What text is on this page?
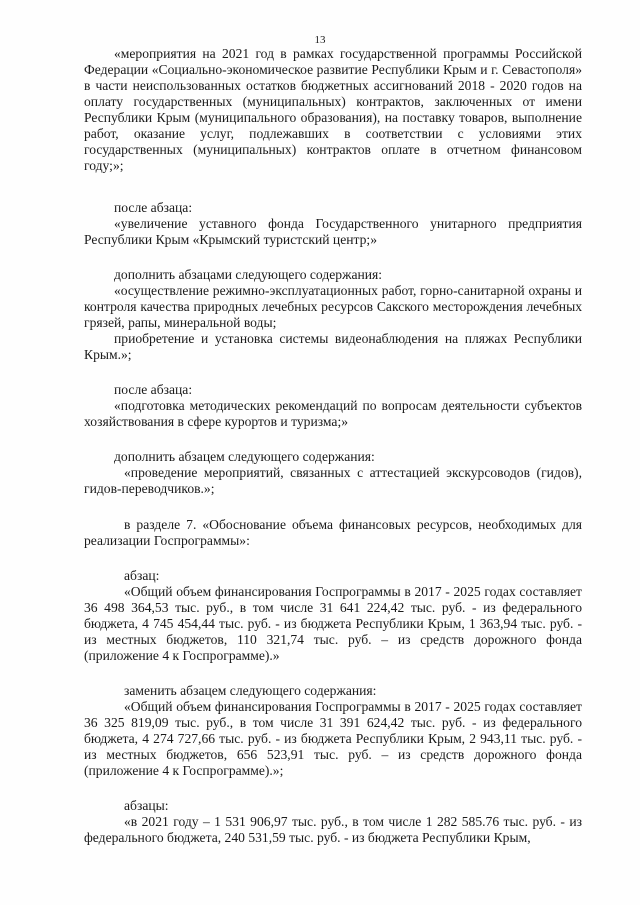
13

«мероприятия на 2021 год в рамках государственной программы Российской Федерации «Социально-экономическое развитие Республики Крым и г. Севастополя» в части неиспользованных остатков бюджетных ассигнований 2018 - 2020 годов на оплату государственных (муниципальных) контрактов, заключенных от имени Республики Крым (муниципального образования), на поставку товаров, выполнение работ, оказание услуг, подлежавших в соответствии с условиями этих государственных (муниципальных) контрактов оплате в отчетном финансовом году;»;

после абзаца:

«увеличение уставного фонда Государственного унитарного предприятия Республики Крым «Крымский туристский центр;»

дополнить абзацами следующего содержания:

«осуществление режимно-эксплуатационных работ, горно-санитарной охраны и контроля качества природных лечебных ресурсов Сакского месторождения лечебных грязей, рапы, минеральной воды;

приобретение и установка системы видеонаблюдения на пляжах Республики Крым.»;

после абзаца:

«подготовка методических рекомендаций по вопросам деятельности субъектов хозяйствования в сфере курортов и туризма;»

дополнить абзацем следующего содержания:

«проведение мероприятий, связанных с аттестацией экскурсоводов (гидов), гидов-переводчиков.»;

в разделе 7. «Обоснование объема финансовых ресурсов, необходимых для реализации Госпрограммы»:

абзац:

«Общий объем финансирования Госпрограммы в 2017 - 2025 годах составляет 36 498 364,53 тыс. руб., в том числе 31 641 224,42 тыс. руб. - из федерального бюджета, 4 745 454,44 тыс. руб. - из бюджета Республики Крым, 1 363,94 тыс. руб. - из местных бюджетов, 110 321,74 тыс. руб. – из средств дорожного фонда (приложение 4 к Госпрограмме).»

заменить абзацем следующего содержания:

«Общий объем финансирования Госпрограммы в 2017 - 2025 годах составляет 36 325 819,09 тыс. руб., в том числе 31 391 624,42 тыс. руб. - из федерального бюджета, 4 274 727,66 тыс. руб. - из бюджета Республики Крым, 2 943,11 тыс. руб. - из местных бюджетов, 656 523,91 тыс. руб. – из средств дорожного фонда (приложение 4 к Госпрограмме).»;

абзацы:

«в 2021 году – 1 531 906,97 тыс. руб., в том числе 1 282 585.76 тыс. руб. - из федерального бюджета, 240 531,59 тыс. руб. - из бюджета Республики Крым,
